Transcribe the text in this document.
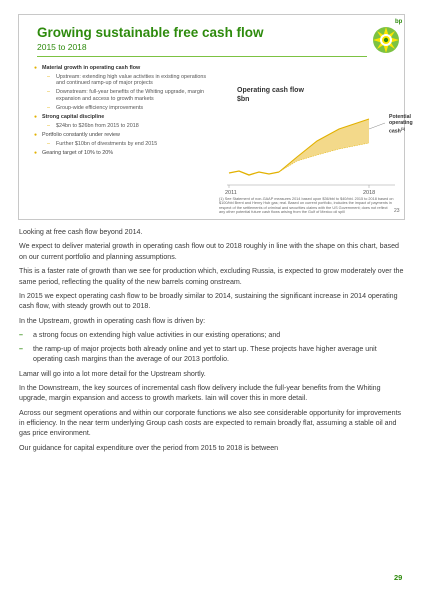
Growing sustainable free cash flow
2015 to 2018
bp
● Material growth in operating cash flow
– Upstream: extending high value activities in existing operations and continued ramp-up of major projects
– Downstream: full-year benefits of the Whiting upgrade, margin expansion and access to growth markets
– Group-wide efficiency improvements
● Strong capital discipline
– $24bn to $26bn from 2015 to 2018
● Portfolio constantly under review
– Further $10bn of divestments by end 2015
● Gearing target of 10% to 20%
Operating cash flow
$bn
2011	2018
Potential operating cash$^{(1)}$
(1) See Statement of non-GAAP measures 2014 based upon $36/bbl to $40/bbl. 2015 to 2018 based on $100/bbl Brent and Henry Hub gas; real. Based on current portfolio, includes the impact of payments in respect of the settlements of criminal and securities claims with the US Government; does not reflect any other potential future cash flows arising from the Gulf of Mexico oil spill	23

Looking at free cash flow beyond 2014.

We expect to deliver material growth in operating cash flow out to 2018 roughly in line with the shape on this chart, based on our current portfolio and planning assumptions.

This is a faster rate of growth than we see for production which, excluding Russia, is expected to grow moderately over the same period, reflecting the quality of the new barrels coming onstream.

In 2015 we expect operating cash flow to be broadly similar to 2014, sustaining the significant increase in 2014 operating cash flow, with steady growth out to 2018.

In the Upstream, growth in operating cash flow is driven by:

– a strong focus on extending high value activities in our existing operations; and
– the ramp-up of major projects both already online and yet to start up. These projects have higher average unit operating cash margins than the average of our 2013 portfolio.

Lamar will go into a lot more detail for the Upstream shortly.

In the Downstream, the key sources of incremental cash flow delivery include the full-year benefits from the Whiting upgrade, margin expansion and access to growth markets. Iain will cover this in more detail.

Across our segment operations and within our corporate functions we also see considerable opportunity for improvements in efficiency. In the near term underlying Group cash costs are expected to remain broadly flat, assuming a stable oil and gas price environment.

Our guidance for capital expenditure over the period from 2015 to 2018 is between

29
